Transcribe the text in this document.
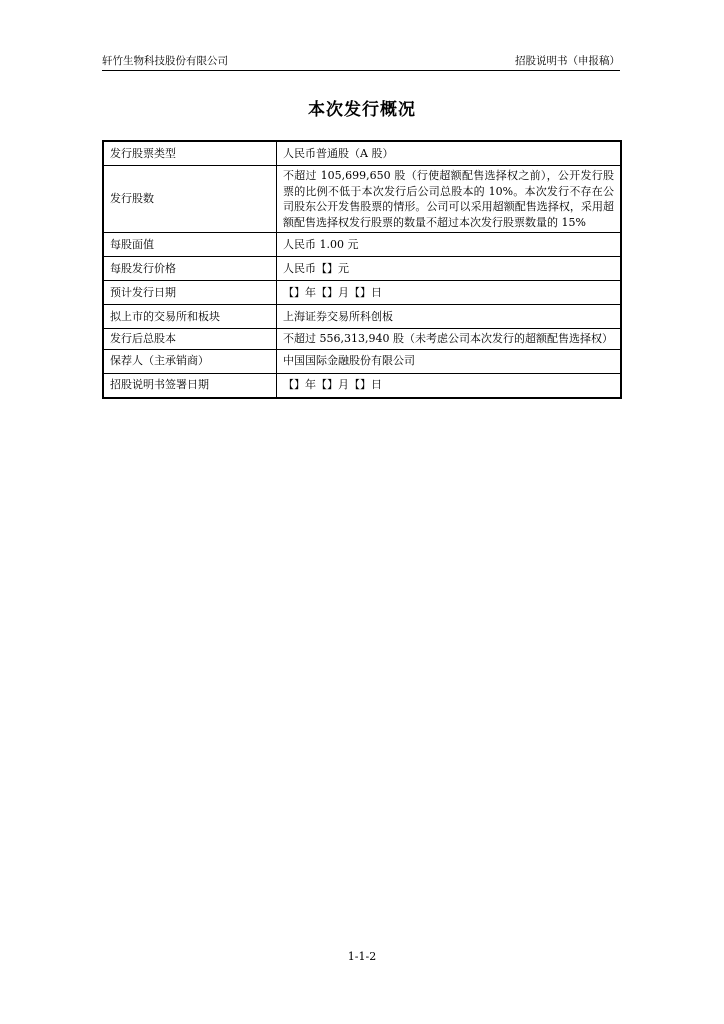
轩竹生物科技股份有限公司	招股说明书（申报稿）
本次发行概况
发行股票类型	人民币普通股（A 股）
发行股数	不超过 105,699,650 股（行使超额配售选择权之前），公开发行股票的比例不低于本次发行后公司总股本的 10%。本次发行不存在公司股东公开发售股票的情形。公司可以采用超额配售选择权，采用超额配售选择权发行股票的数量不超过本次发行股票数量的 15%
每股面值	人民币 1.00 元
每股发行价格	人民币【】元
预计发行日期	【】年【】月【】日
拟上市的交易所和板块	上海证券交易所科创板
发行后总股本	不超过 556,313,940 股（未考虑公司本次发行的超额配售选择权）
保荐人（主承销商）	中国国际金融股份有限公司
招股说明书签署日期	【】年【】月【】日
1-1-2
